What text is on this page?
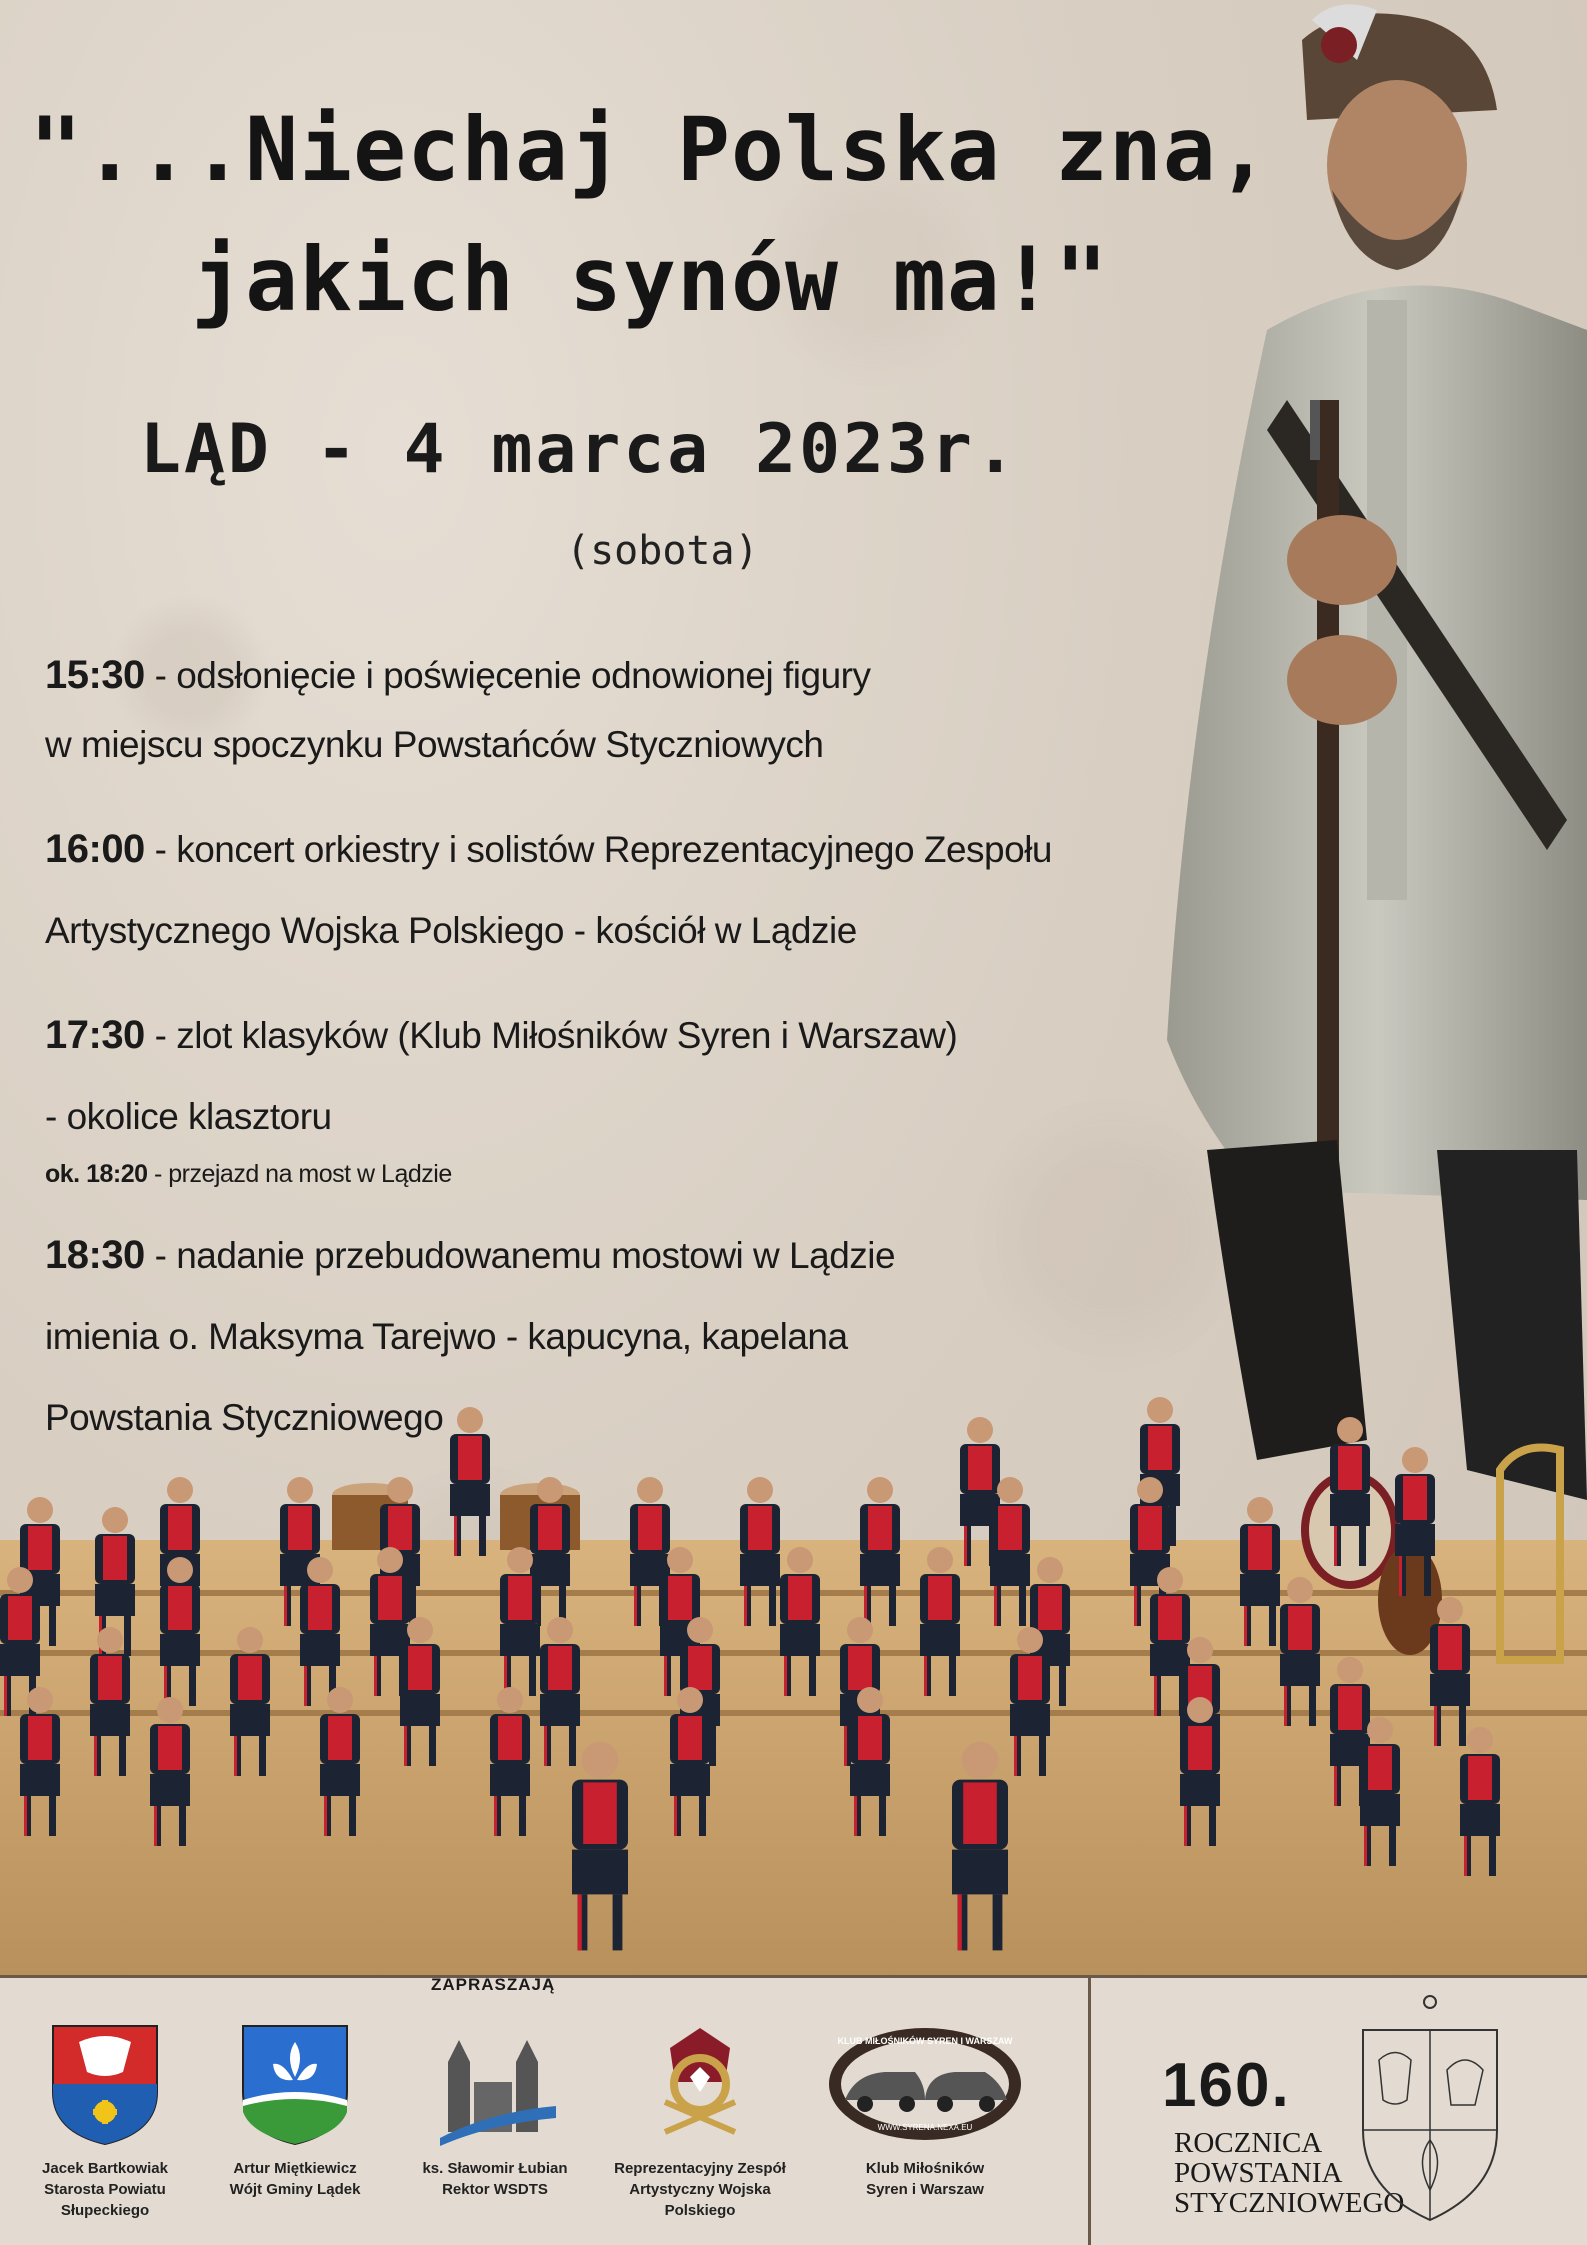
"...Niechaj Polska zna,
jakich synów ma!"
LĄD - 4 marca 2023r.
(sobota)

15:30 - odsłonięcie i poświęcenie odnowionej figury

w miejscu spoczynku Powstańców Styczniowych

16:00 - koncert orkiestry i solistów Reprezentacyjnego Zespołu

Artystycznego Wojska Polskiego - kościół w Lądzie

17:30 - zlot klasyków (Klub Miłośników Syren i Warszaw)

- okolice klasztoru

ok. 18:20 - przejazd na most w Lądzie

18:30 - nadanie przebudowanemu mostowi w Lądzie

imienia o. Maksyma Tarejwo - kapucyna, kapelana

Powstania Styczniowego

ZAPRASZAJĄ
Jacek Bartkowiak
Starosta Powiatu
Słupeckiego
Artur Miętkiewicz
Wójt Gminy Lądek
ks. Sławomir Łubian
Rektor WSDTS
Reprezentacyjny Zespół
Artystyczny Wojska
Polskiego
KLUB MIŁOŚNIKÓW SYREN I WARSZAW
WWW.SYRENA.NEXA.EU
Klub Miłośników
Syren i Warszaw
160.
ROCZNICA
POWSTANIA
STYCZNIOWEGO
